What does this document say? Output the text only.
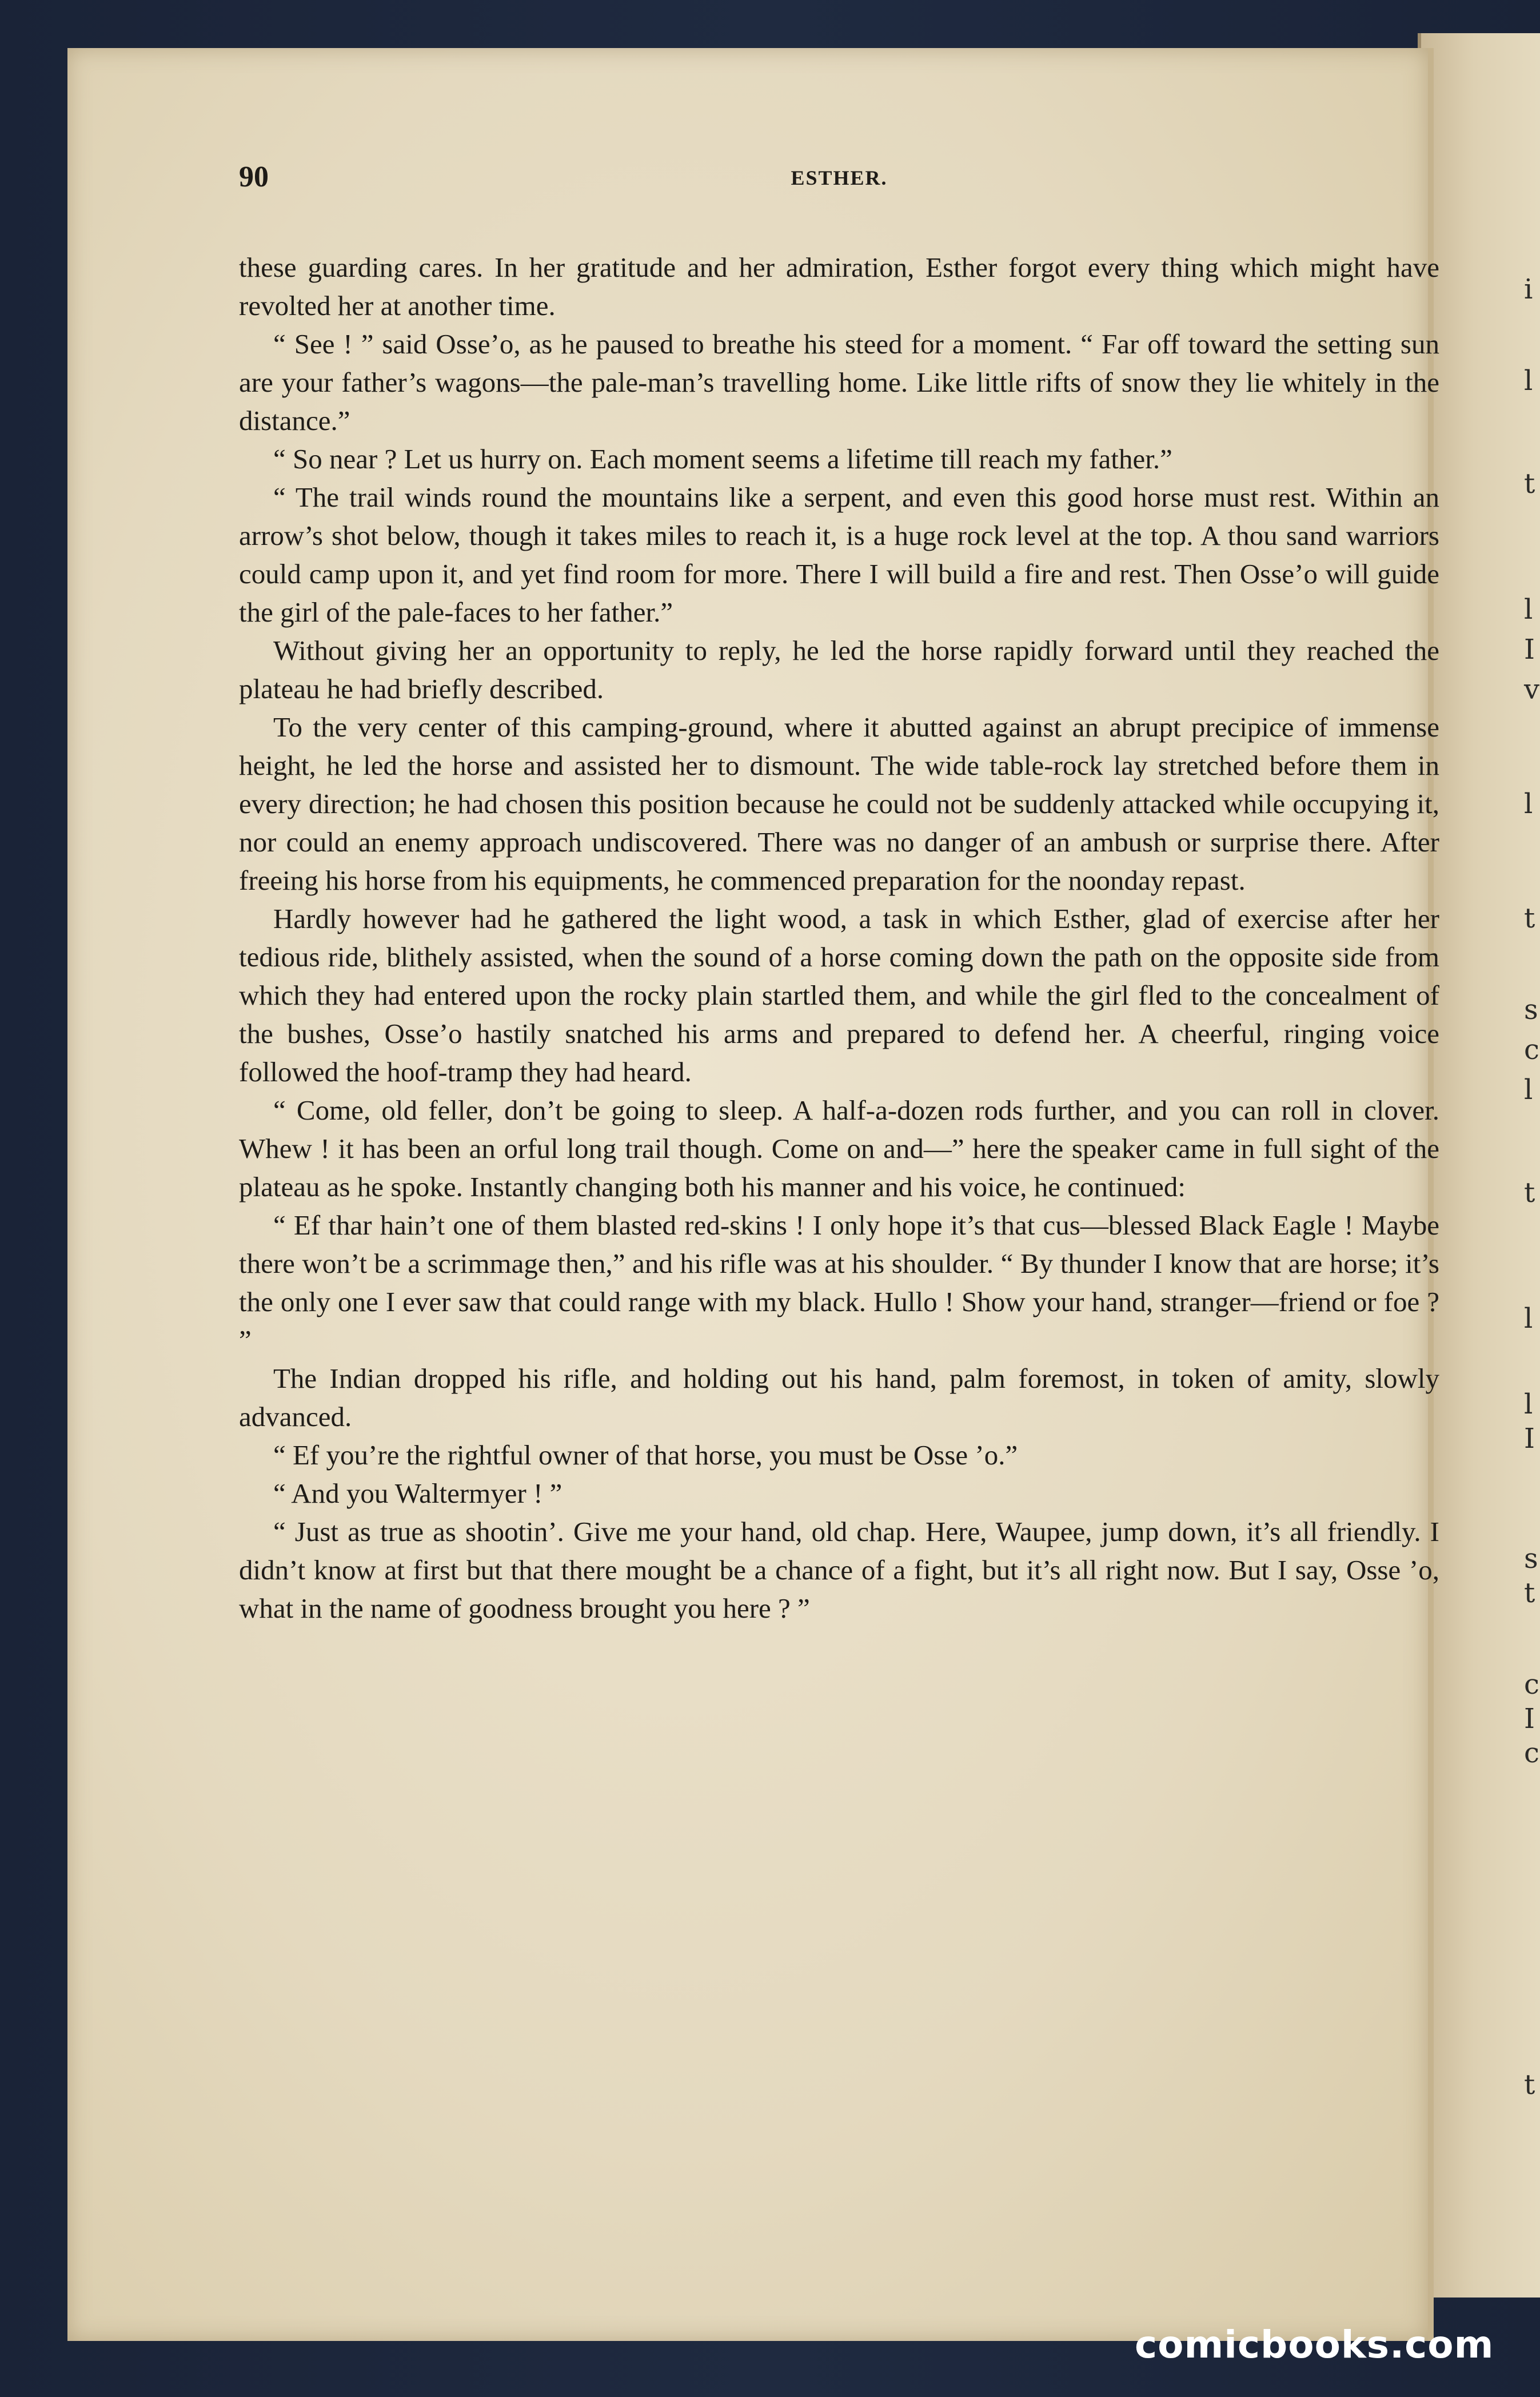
i
l
t
l
I
v
l
t
s
c
l
t
l
l
I
s
t
c
I
c
t
90	ESTHER.

these guarding cares. In her gratitude and her admiration, Esther forgot every thing which might have revolted her at another time.

“ See ! ” said Osse’o, as he paused to breathe his steed for a moment. “ Far off toward the setting sun are your father’s wagons—the pale-man’s travelling home. Like little rifts of snow they lie whitely in the distance.”

“ So near ? Let us hurry on. Each moment seems a lifetime till reach my father.”

“ The trail winds round the mountains like a serpent, and even this good horse must rest. Within an arrow’s shot below, though it takes miles to reach it, is a huge rock level at the top. A thou sand warriors could camp upon it, and yet find room for more. There I will build a fire and rest. Then Osse’o will guide the girl of the pale-faces to her father.”

Without giving her an opportunity to reply, he led the horse rapidly forward until they reached the plateau he had briefly described.

To the very center of this camping-ground, where it abutted against an abrupt precipice of immense height, he led the horse and assisted her to dismount. The wide table-rock lay stretched before them in every direction; he had chosen this position because he could not be suddenly attacked while occupying it, nor could an enemy approach undiscovered. There was no danger of an ambush or surprise there. After freeing his horse from his equipments, he commenced preparation for the noonday repast.

Hardly however had he gathered the light wood, a task in which Esther, glad of exercise after her tedious ride, blithely assisted, when the sound of a horse coming down the path on the opposite side from which they had entered upon the rocky plain startled them, and while the girl fled to the concealment of the bushes, Osse’o hastily snatched his arms and prepared to defend her. A cheerful, ringing voice followed the hoof-tramp they had heard.

“ Come, old feller, don’t be going to sleep. A half-a-dozen rods further, and you can roll in clover. Whew ! it has been an orful long trail though. Come on and—” here the speaker came in full sight of the plateau as he spoke. Instantly changing both his manner and his voice, he continued:

“ Ef thar hain’t one of them blasted red-skins ! I only hope it’s that cus—blessed Black Eagle ! Maybe there won’t be a scrimmage then,” and his rifle was at his shoulder. “ By thunder I know that are horse; it’s the only one I ever saw that could range with my black. Hullo ! Show your hand, stranger—friend or foe ? ”

The Indian dropped his rifle, and holding out his hand, palm foremost, in token of amity, slowly advanced.

“ Ef you’re the rightful owner of that horse, you must be Osse ’o.”

“ And you Waltermyer ! ”

“ Just as true as shootin’. Give me your hand, old chap. Here, Waupee, jump down, it’s all friendly. I didn’t know at first but that there mought be a chance of a fight, but it’s all right now. But I say, Osse ’o, what in the name of goodness brought you here ? ”

comicbooks.com
